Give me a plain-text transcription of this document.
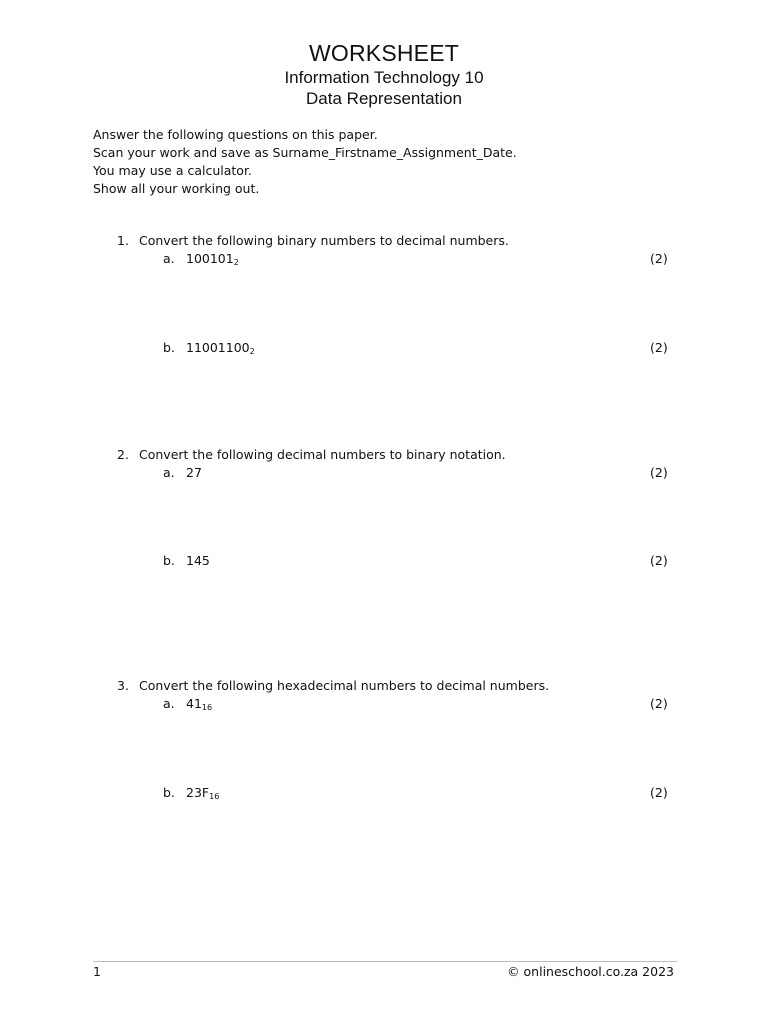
WORKSHEET
Information Technology 10
Data Representation
Answer the following questions on this paper.
Scan your work and save as Surname_Firstname_Assignment_Date.
You may use a calculator.
Show all your working out.
1. Convert the following binary numbers to decimal numbers.
a. $100101_2$	(2)
b. $11001100_2$	(2)
2. Convert the following decimal numbers to binary notation.
a. 27	(2)
b. 145	(2)
3. Convert the following hexadecimal numbers to decimal numbers.
a. $41_{16}$	(2)
b. $23F_{16}$	(2)
1	© onlineschool.co.za 2023
